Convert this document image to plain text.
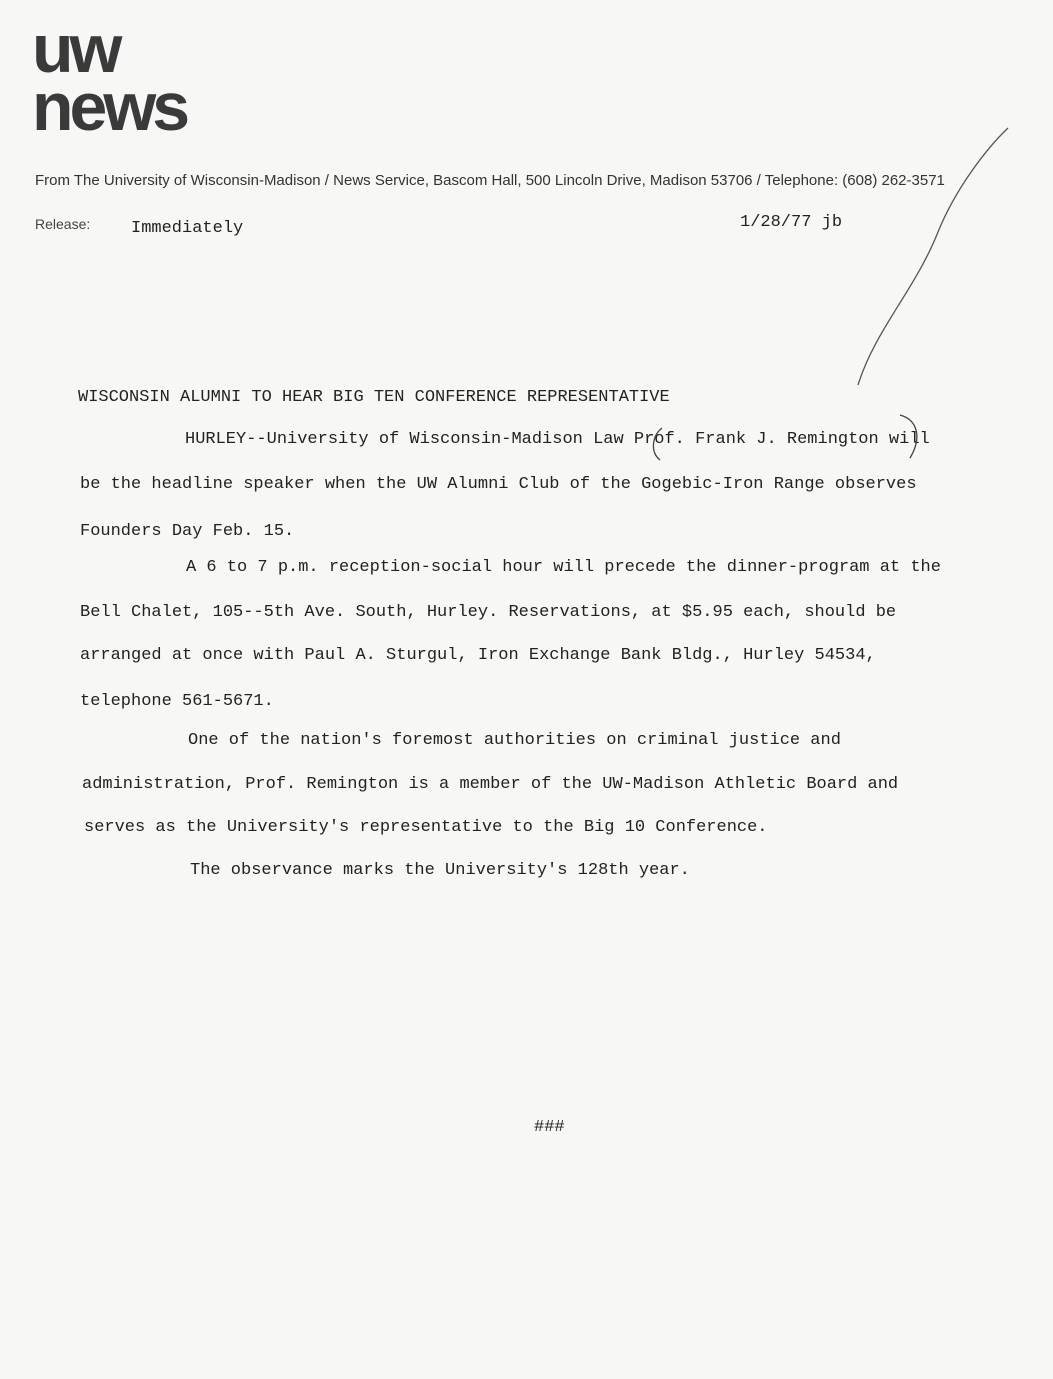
uw
news
From The University of Wisconsin-Madison / News Service, Bascom Hall, 500 Lincoln Drive, Madison 53706 / Telephone: (608) 262-3571
Release: Immediately	1/28/77 jb
WISCONSIN ALUMNI TO HEAR BIG TEN CONFERENCE REPRESENTATIVE
HURLEY--University of Wisconsin-Madison Law Prof. Frank J. Remington will
be the headline speaker when the UW Alumni Club of the Gogebic-Iron Range observes
Founders Day Feb. 15.
A 6 to 7 p.m. reception-social hour will precede the dinner-program at the
Bell Chalet, 105--5th Ave. South, Hurley. Reservations, at $5.95 each, should be
arranged at once with Paul A. Sturgul, Iron Exchange Bank Bldg., Hurley 54534,
telephone 561-5671.
One of the nation's foremost authorities on criminal justice and
administration, Prof. Remington is a member of the UW-Madison Athletic Board and
serves as the University's representative to the Big 10 Conference.
The observance marks the University's 128th year.
###
